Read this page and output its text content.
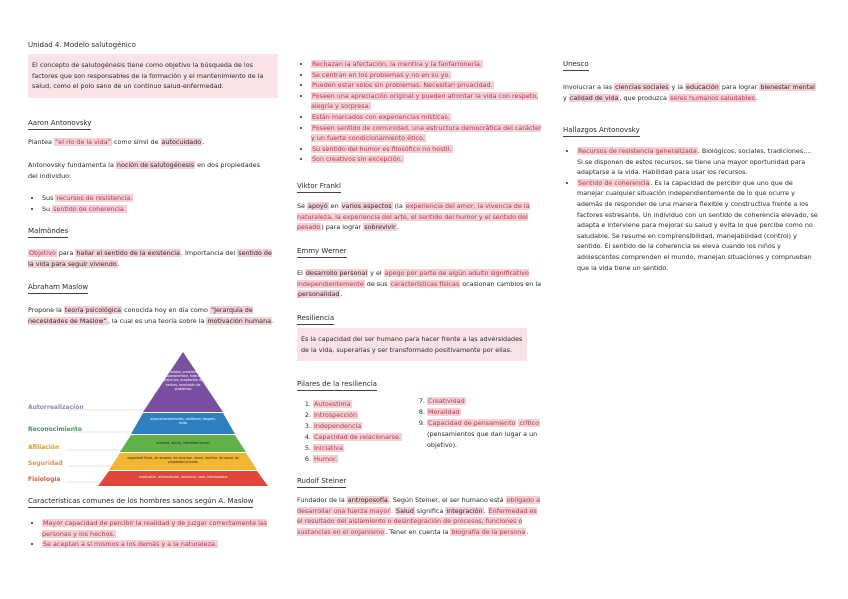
Unidad 4. Modelo salutogénico

El concepto de salutogénesis tiene como objetivo la búsqueda de los factores que son responsables de la formación y el mantenimiento de la salud, como el polo sano de un continuo salud-enfermedad.

Aaron Antonovsky

Plantea “el río de la vida” como símil de autocuidado.

Antonovsky fundamenta la noción de salutogénesis en dos propiedades del individuo:

• Sus recursos de resistencia.
• Su sentido de coherencia.

Malmöndes

Objetivo para hallar el sentido de la existencia. Importancia del sentido de la vida para seguir viviendo.

Abraham Maslow

Propone la teoría psicológica conocida hoy en día como “Jerarquía de necesidades de Maslow”, la cual es una teoría sobre la motivación humana.

Autorrealización
Reconocimiento
Afiliación
Seguridad
Fisiología
moralidad, creatividad, espontaneidad, falta de prejuicios, aceptación de hechos, resolución de problemas
autorreconocimiento, confianza, respeto, éxito
amistad, afecto, intimidad sexual
seguridad física, de empleo, de recursos, moral, familiar, de salud, de propiedad privada
respiración, alimentación, descanso, sexo, homeostasis

Características comunes de los hombres sanos según A. Maslow

• Mayor capacidad de percibir la realidad y de juzgar correctamente las personas y los hechos.
• Se aceptan a sí mismos a los demás y a la naturaleza.
• Rechazan la afectación, la mentira y la fanfarronería.
• Se centran en los problemas y no en su yo.
• Pueden estar solos sin problemas. Necesitan privacidad.
• Poseen una apreciación original y pueden afrontar la vida con respeto, alegría y sorpresa.
• Están marcados con experiencias místicas.
• Poseen sentido de comunidad, una estructura democrática del carácter y un fuerte condicionamiento ético.
• Su sentido del humor es filosófico no hostil.
• Son creativos sin excepción.

Viktor Frankl

Se apoyó en varios aspectos (la experiencia del amor, la vivencia de la naturaleza, la experiencia del arte, el sentido del humor y el sentido del pesado) para lograr sobrevivir.

Emmy Werner

El desarrollo personal y el apego por parte de algún adulto significativo independientemente de sus características físicas ocasionan cambios en la personalidad.

Resiliencia

Es la capacidad del ser humano para hacer frente a las adversidades de la vida, superarlas y ser transformado positivamente por ellas.

Pilares de la resiliencia

1. Autoestima
2. Introspección
3. Independencia
4. Capacidad de relacionarse.
5. Iniciativa
6. Humor.
7. Creatividad
8. Moralidad
9. Capacidad de pensamiento crítico (pensamientos que dan lugar a un objetivo).

Rudolf Steiner

Fundador de la antroposofía. Según Steiner, el ser humano está obligado a desarrollar una fuerza mayor. Salud significa integración. Enfermedad es el resultado del aislamiento o desintegración de procesos, funciones o sustancias en el organismo. Tener en cuenta la biografía de la persona.

Unesco

Involucrar a las ciencias sociales y la educación para lograr bienestar mental y calidad de vida, que produzca seres humanos saludables.

Hallazgos Antonovsky

• Recursos de resistencia generalizada. Biológicos, sociales, tradiciones…. Si se disponen de estos recursos, se tiene una mayor oportunidad para adaptarse a la vida. Habilidad para usar los recursos.
• Sentido de coherencia. Es la capacidad de percibir que uno que de manejar cualquier situación independientemente de lo que ocurre y además de responder de una manera flexible y constructiva frente a los factores estresante. Un individuo con un sentido de coherencia elevado, se adapta e interviene para mejorar su salud y evita lo que percibe como no saludable. Se resume en comprensibilidad, manejabilidad (control) y sentido. El sentido de la coherencia se eleva cuando los niños y adolescentes comprenden el mundo, manejan situaciones y comprueban que la vida tiene un sentido.
